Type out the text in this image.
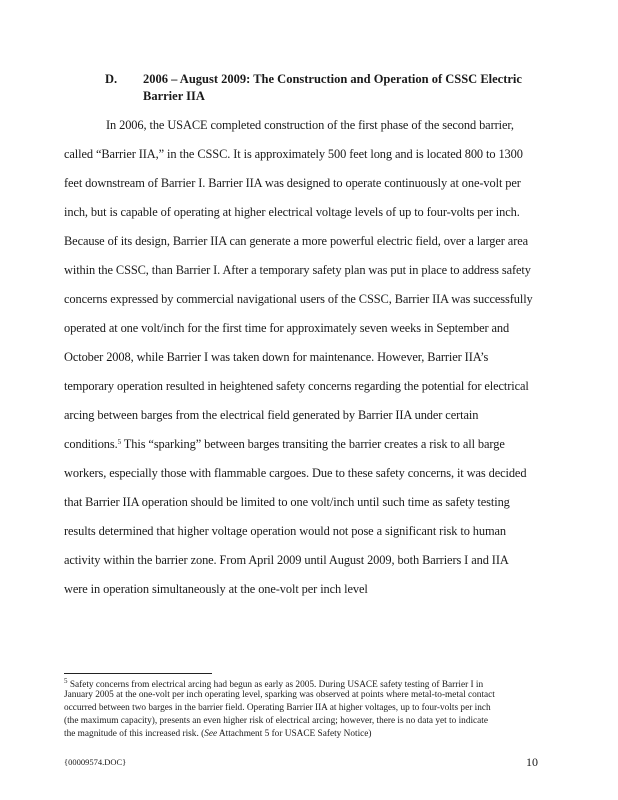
D. 2006 – August 2009: The Construction and Operation of CSSC Electric
Barrier IIA
In 2006, the USACE completed construction of the first phase of the second barrier,
called “Barrier IIA,” in the CSSC. It is approximately 500 feet long and is located 800 to 1300
feet downstream of Barrier I. Barrier IIA was designed to operate continuously at one-volt per
inch, but is capable of operating at higher electrical voltage levels of up to four-volts per inch.
Because of its design, Barrier IIA can generate a more powerful electric field, over a larger area
within the CSSC, than Barrier I. After a temporary safety plan was put in place to address safety
concerns expressed by commercial navigational users of the CSSC, Barrier IIA was successfully
operated at one volt/inch for the first time for approximately seven weeks in September and
October 2008, while Barrier I was taken down for maintenance. However, Barrier IIA’s
temporary operation resulted in heightened safety concerns regarding the potential for electrical
arcing between barges from the electrical field generated by Barrier IIA under certain
conditions.$^5$ This “sparking” between barges transiting the barrier creates a risk to all barge
workers, especially those with flammable cargoes. Due to these safety concerns, it was decided
that Barrier IIA operation should be limited to one volt/inch until such time as safety testing
results determined that higher voltage operation would not pose a significant risk to human
activity within the barrier zone. From April 2009 until August 2009, both Barriers I and IIA
were in operation simultaneously at the one-volt per inch level
$^5$ Safety concerns from electrical arcing had begun as early as 2005. During USACE safety testing of Barrier I in
January 2005 at the one-volt per inch operating level, sparking was observed at points where metal-to-metal contact
occurred between two barges in the barrier field. Operating Barrier IIA at higher voltages, up to four-volts per inch
(the maximum capacity), presents an even higher risk of electrical arcing; however, there is no data yet to indicate
the magnitude of this increased risk. (See Attachment 5 for USACE Safety Notice)
{00009574.DOC}	10
